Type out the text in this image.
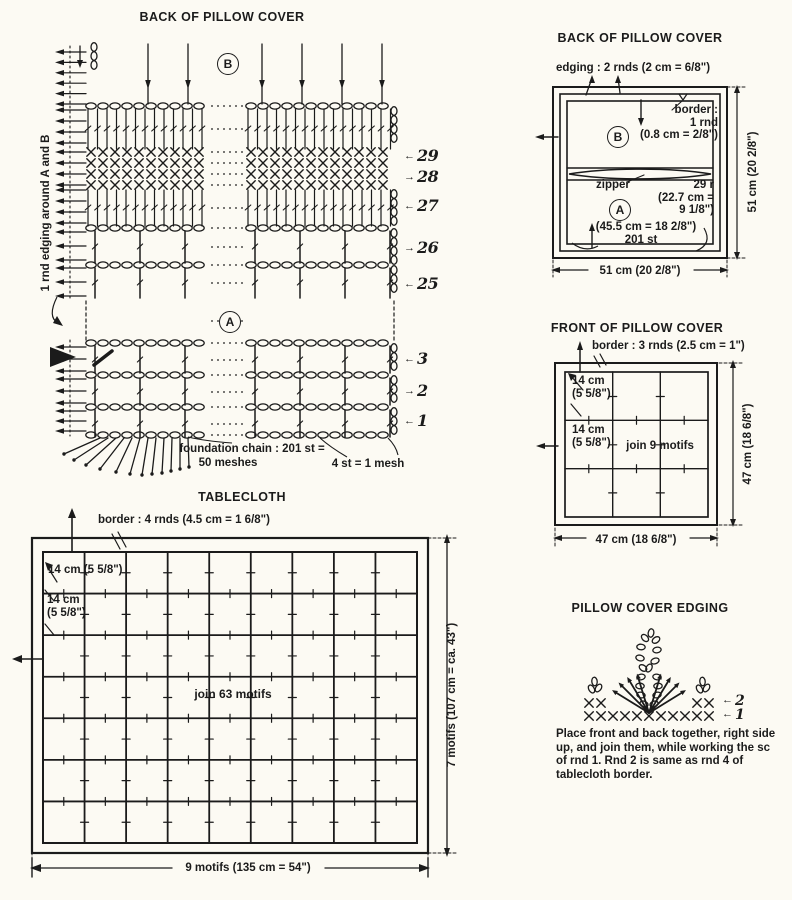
BACK OF PILLOW COVER
1 rnd edging around A and B
B
A
← 29
→ 28
← 27
→ 26
← 25
← 3
→ 2
← 1
foundation chain : 201 st =
50 meshes	4 st = 1 mesh
BACK OF PILLOW COVER
edging : 2 rnds (2 cm = 6/8")
border :
1 rnd
(0.8 cm = 2/8")
B
A
zipper	29 r
(22.7 cm =
9 1/8")
(45.5 cm = 18 2/8")
201 st
51 cm (20 2/8")
51 cm (20 2/8")
FRONT OF PILLOW COVER
border : 3 rnds (2.5 cm = 1")
14 cm
(5 5/8")
14 cm
(5 5/8") join 9 motifs	47 cm (18 6/8")
47 cm (18 6/8")
TABLECLOTH
border : 4 rnds (4.5 cm = 1 6/8")
14 cm (5 5/8")
14 cm
(5 5/8")
join 63 motifs
9 motifs (135 cm = 54")
7 motifs (107 cm = ca. 43")
PILLOW COVER EDGING
← 2
← 1
Place front and back together, right side
up, and join them, while working the sc
of rnd 1. Rnd 2 is same as rnd 4 of
tablecloth border.
